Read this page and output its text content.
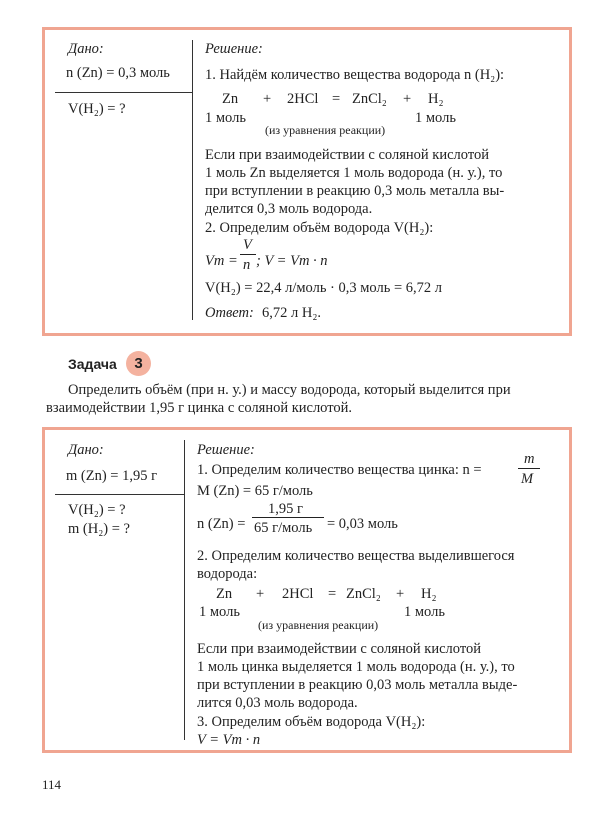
Дано:
n (Zn) = 0,3 моль
V(H₂) = ?
Решение:
1. Найдём количество вещества водорода n (H₂):
Zn + 2HCl = ZnCl₂ + H₂
1 моль	1 моль
(из уравнения реакции)
Если при взаимодействии с соляной кислотой
1 моль Zn выделяется 1 моль водорода (н. у.), то
при вступлении в реакцию 0,3 моль металла вы-
делится 0,3 моль водорода.
2. Определим объём водорода V(H₂):
Vm =
V
n ; V = Vm · n
V(H₂) = 22,4 л/моль · 0,3 моль = 6,72 л
Ответ: 6,72 л H₂.
Задача	3
Определить объём (при н. у.) и массу водорода, который выделится при
взаимодействии 1,95 г цинка с соляной кислотой.
Дано:
m (Zn) = 1,95 г
V(H₂) = ?
m (H₂) = ?
Решение:
1. Определим количество вещества цинка: n =
m
M
M (Zn) = 65 г/моль
n (Zn) =
1,95 г
65 г/моль = 0,03 моль
2. Определим количество вещества выделившегося
водорода:
Zn + 2HCl = ZnCl₂ + H₂
1 моль	1 моль
(из уравнения реакции)
Если при взаимодействии с соляной кислотой
1 моль цинка выделяется 1 моль водорода (н. у.), то
при вступлении в реакцию 0,03 моль металла выде-
лится 0,03 моль водорода.
3. Определим объём водорода V(H₂):
V = Vm · n
114
